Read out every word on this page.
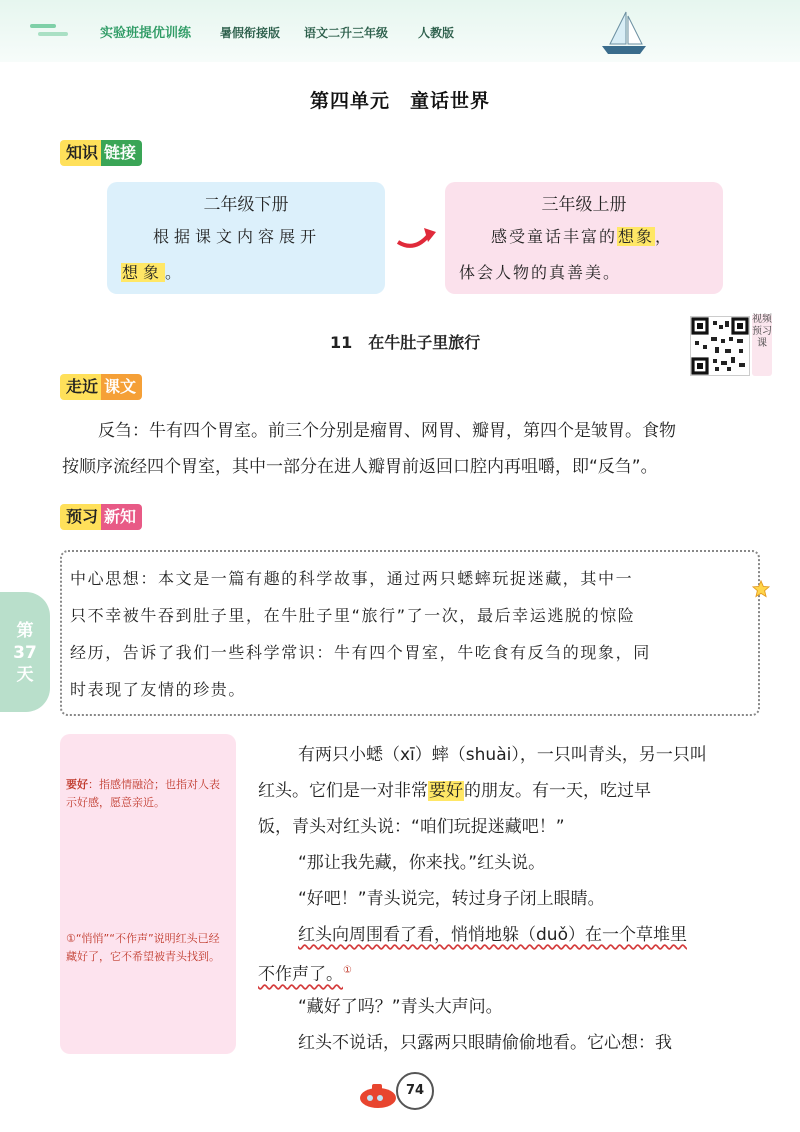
实验班提优训练 暑假衔接版 语文二升三年级 人教版
第四单元　童话世界
知识 链接
二年级下册
根据课文内容展开
想象。
三年级上册
感受童话丰富的想象，
体会人物的真善美。
11　在牛肚子里旅行
视频预习课
走近 课文
反刍：牛有四个胃室。前三个分别是瘤胃、网胃、瓣胃，第四个是皱胃。食物
按顺序流经四个胃室，其中一部分在进人瓣胃前返回口腔内再咀嚼，即“反刍”。
预习 新知
中心思想：本文是一篇有趣的科学故事，通过两只蟋蟀玩捉迷藏，其中一
只不幸被牛吞到肚子里，在牛肚子里“旅行”了一次，最后幸运逃脱的惊险
经历，告诉了我们一些科学常识：牛有四个胃室，牛吃食有反刍的现象，同
时表现了友情的珍贵。
第37天
要好：指感情融洽；也指对人表示好感，愿意亲近。
①“悄悄”“不作声”说明红头已经藏好了，它不希望被青头找到。
有两只小蟋（xī）蟀（shuài），一只叫青头，另一只叫
红头。它们是一对非常要好的朋友。有一天，吃过早
饭，青头对红头说：“咱们玩捉迷藏吧！”
“那让我先藏，你来找。”红头说。
“好吧！”青头说完，转过身子闭上眼睛。
红头向周围看了看，悄悄地躲（duǒ）在一个草堆里
不作声了。①
“藏好了吗？”青头大声问。
红头不说话，只露两只眼睛偷偷地看。它心想：我
74
